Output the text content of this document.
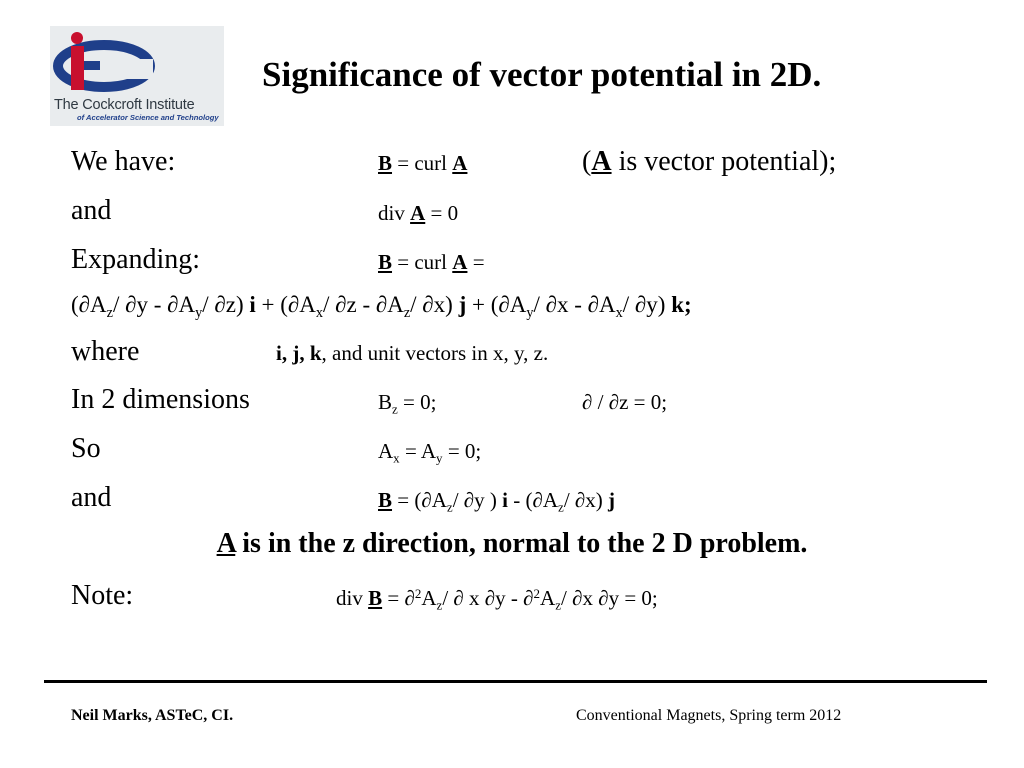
The Cockcroft Institute
of Accelerator Science and Technology
Significance of vector potential in 2D.
We have:	B = curl A	(A is vector potential);
and	div A = 0
Expanding:	B = curl A =
($\partial A_z/$ $\partial y - \partial A_y/$ ∂z) $i + (\partial A_x/$ $\partial z - \partial A_z/$ ∂x) $j + (\partial A_y/$ $\partial x - \partial A_x/$ ∂y) k;
where	i, j, k, and unit vectors in x, y, z.
In 2 dimensions	$B_z = 0$;	∂ / ∂z = 0;
So	$A_x = A_y = 0$;
and	$B = (\partial A_z/$ ∂y ) i - ($\partial A_z/$ ∂x) j
A is in the z direction, normal to the 2 D problem.
Note:	div $B = \partial^2A_z/$ ∂ x $\partial y - \partial^2A_z/$ ∂x ∂y = 0;
Neil Marks, ASTeC, CI.	Conventional Magnets, Spring term 2012
